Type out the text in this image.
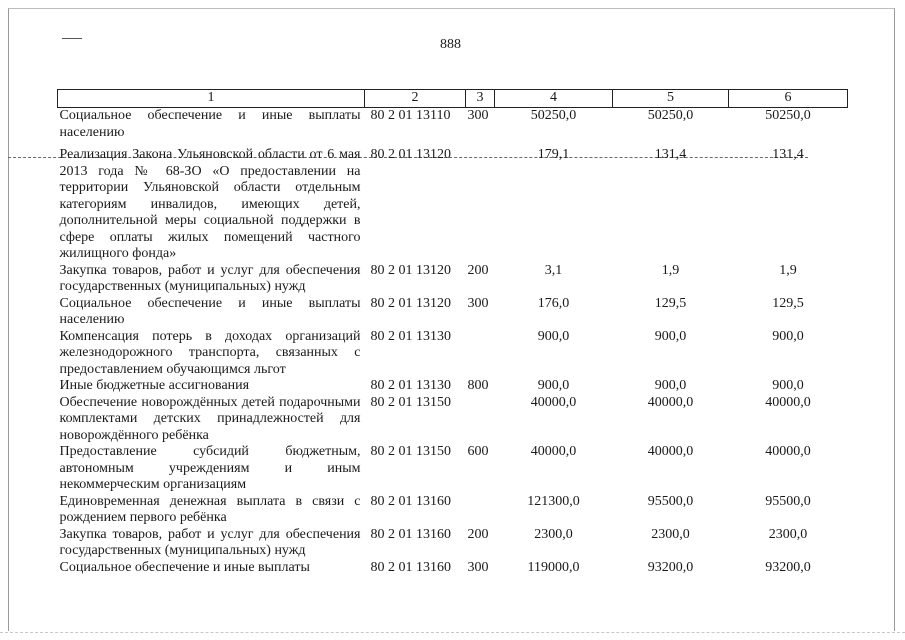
888
1	2	3	4	5	6
Социальное обеспечение и иные выплаты населению	80 2 01 13110	300	50250,0	50250,0	50250,0
Реализация Закона Ульяновской области от 6 мая 2013 года № 68-ЗО «О предоставлении на территории Ульяновской области отдельным категориям инвалидов, имеющих детей, дополнительной меры социальной поддержки в сфере оплаты жилых помещений частного жилищного фонда»	80 2 01 13120		179,1	131,4	131,4
Закупка товаров, работ и услуг для обеспечения государственных (муниципальных) нужд	80 2 01 13120	200	3,1	1,9	1,9
Социальное обеспечение и иные выплаты населению	80 2 01 13120	300	176,0	129,5	129,5
Компенсация потерь в доходах организаций железнодорожного транспорта, связанных с предоставлением обучающимся льгот	80 2 01 13130		900,0	900,0	900,0
Иные бюджетные ассигнования	80 2 01 13130	800	900,0	900,0	900,0
Обеспечение новорождённых детей подарочными комплектами детских принадлежностей для новорождённого ребёнка	80 2 01 13150		40000,0	40000,0	40000,0
Предоставление субсидий бюджетным, автономным учреждениям и иным некоммерческим организациям	80 2 01 13150	600	40000,0	40000,0	40000,0
Единовременная денежная выплата в связи с рождением первого ребёнка	80 2 01 13160		121300,0	95500,0	95500,0
Закупка товаров, работ и услуг для обеспечения государственных (муниципальных) нужд	80 2 01 13160	200	2300,0	2300,0	2300,0
Социальное обеспечение и иные выплаты	80 2 01 13160	300	119000,0	93200,0	93200,0
